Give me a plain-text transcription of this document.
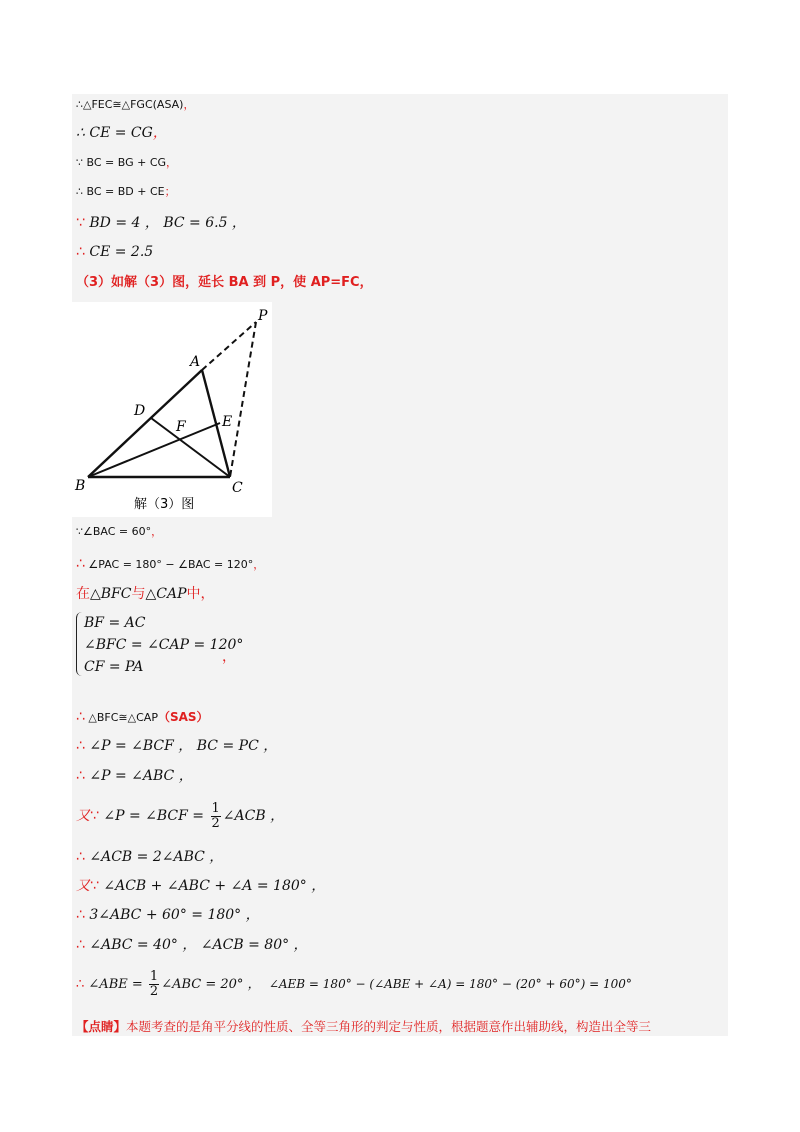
∴△FEC≅△FGC(ASA)，
∴ CE = CG，
∵ BC = BG + CG，
∴ BC = BD + CE；
∵ BD = 4 ， BC = 6.5 ，
∴ CE = 2.5
（3）如解（3）图，延长 BA 到 P，使 AP=FC，
P
A
D
E
F
B	C
解（3）图
∵∠BAC = 60°，
∴ ∠PAC = 180° − ∠BAC = 120°，
在△BFC与△CAP中，
BF = AC
∠BFC = ∠CAP = 120°
CF = PA
，
∴ △BFC≅△CAP（SAS）
∴ ∠P = ∠BCF ， BC = PC ，
∴ ∠P = ∠ABC ，
又∵ ∠P = ∠BCF = $\frac{1}{2}$ ∠ACB ，
∴ ∠ACB = 2∠ABC ，
又∵ ∠ACB + ∠ABC + ∠A = 180° ，
∴ 3∠ABC + 60° = 180° ，
∴ ∠ABC = 40° ， ∠ACB = 80° ，
∴ ∠ABE = $\frac{1}{2}$ ∠ABC = 20° ， ∠AEB = 180° − (∠ABE + ∠A) = 180° − (20° + 60°) = 100°
【点睛】本题考查的是角平分线的性质、全等三角形的判定与性质，根据题意作出辅助线，构造出全等三
